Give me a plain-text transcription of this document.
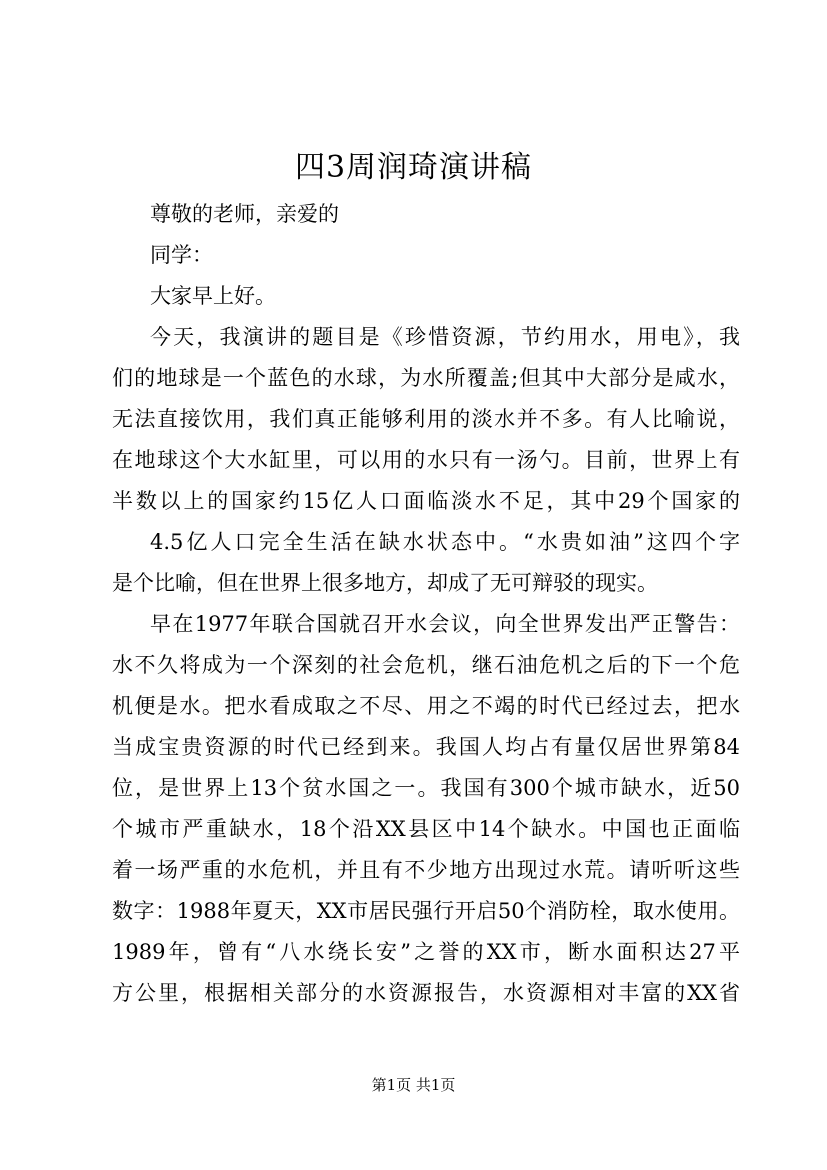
四3周润琦演讲稿

尊敬的老师，亲爱的

同学：

大家早上好。

今天，我演讲的题目是《珍惜资源，节约用水，用电》，我
们的地球是一个蓝色的水球，为水所覆盖;但其中大部分是咸水，
无法直接饮用，我们真正能够利用的淡水并不多。有人比喻说，
在地球这个大水缸里，可以用的水只有一汤勺。目前，世界上有
半数以上的国家约15亿人口面临淡水不足，其中29个国家的

4.5亿人口完全生活在缺水状态中。“水贵如油”这四个字
是个比喻，但在世界上很多地方，却成了无可辩驳的现实。

早在1977年联合国就召开水会议，向全世界发出严正警告：
水不久将成为一个深刻的社会危机，继石油危机之后的下一个危
机便是水。把水看成取之不尽、用之不竭的时代已经过去，把水
当成宝贵资源的时代已经到来。我国人均占有量仅居世界第84
位，是世界上13个贫水国之一。我国有300个城市缺水，近50
个城市严重缺水，18个沿XX县区中14个缺水。中国也正面临
着一场严重的水危机，并且有不少地方出现过水荒。请听听这些
数字：1988年夏天，XX市居民强行开启50个消防栓，取水使用。
1989年，曾有“八水绕长安”之誉的XX市，断水面积达27平
方公里，根据相关部分的水资源报告，水资源相对丰富的XX省

第1页 共1页
